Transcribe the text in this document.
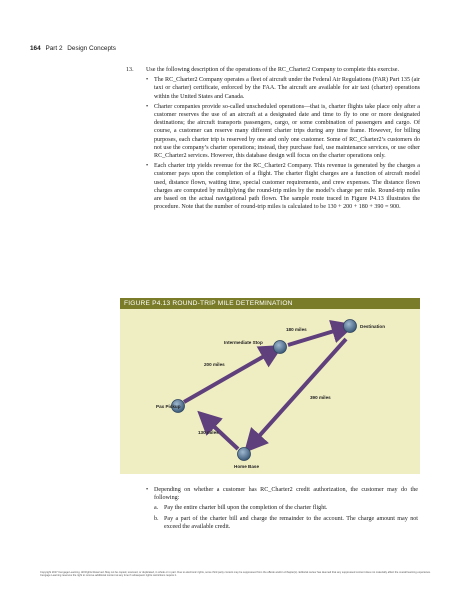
164 Part 2 Design Concepts
13. Use the following description of the operations of the RC_Charter2 Company to complete this exercise.
• The RC_Charter2 Company operates a fleet of aircraft under the Federal Air Regulations (FAR) Part 135 (air taxi or charter) certificate, enforced by the FAA. The aircraft are available for air taxi (charter) operations within the United States and Canada.
• Charter companies provide so-called unscheduled operations—that is, charter flights take place only after a customer reserves the use of an aircraft at a designated date and time to fly to one or more designated destinations; the aircraft transports passengers, cargo, or some combination of passengers and cargo. Of course, a customer can reserve many different charter trips during any time frame. However, for billing purposes, each charter trip is reserved by one and only one customer. Some of RC_Charter2’s customers do not use the company’s charter operations; instead, they purchase fuel, use maintenance services, or use other RC_Charter2 services. However, this database design will focus on the charter operations only.
• Each charter trip yields revenue for the RC_Charter2 Company. This revenue is generated by the charges a customer pays upon the completion of a flight. The charter flight charges are a function of aircraft model used, distance flown, waiting time, special customer requirements, and crew expenses. The distance flown charges are computed by multiplying the round-trip miles by the model’s charge per mile. Round-trip miles are based on the actual navigational path flown. The sample route traced in Figure P4.13 illustrates the procedure. Note that the number of round-trip miles is calculated to be 130 + 200 + 180 + 390 = 900.
FIGURE P4.13 ROUND-TRIP MILE DETERMINATION
Destination
Intermediate Stop
Pax Pickup
Home Base
180 miles
200 miles
390 miles
130 miles
• Depending on whether a customer has RC_Charter2 credit authorization, the customer may do the following:
a. Pay the entire charter bill upon the completion of the charter flight.
b. Pay a part of the charter bill and charge the remainder to the account. The charge amount may not exceed the available credit.
Copyright 2017 Cengage Learning. All Rights Reserved. May not be copied, scanned, or duplicated, in whole or in part. Due to electronic rights, some third party content may be suppressed from the eBook and/or eChapter(s). Editorial review has deemed that any suppressed content does not materially affect the overall learning experience. Cengage Learning reserves the right to remove additional content at any time if subsequent rights restrictions require it.
